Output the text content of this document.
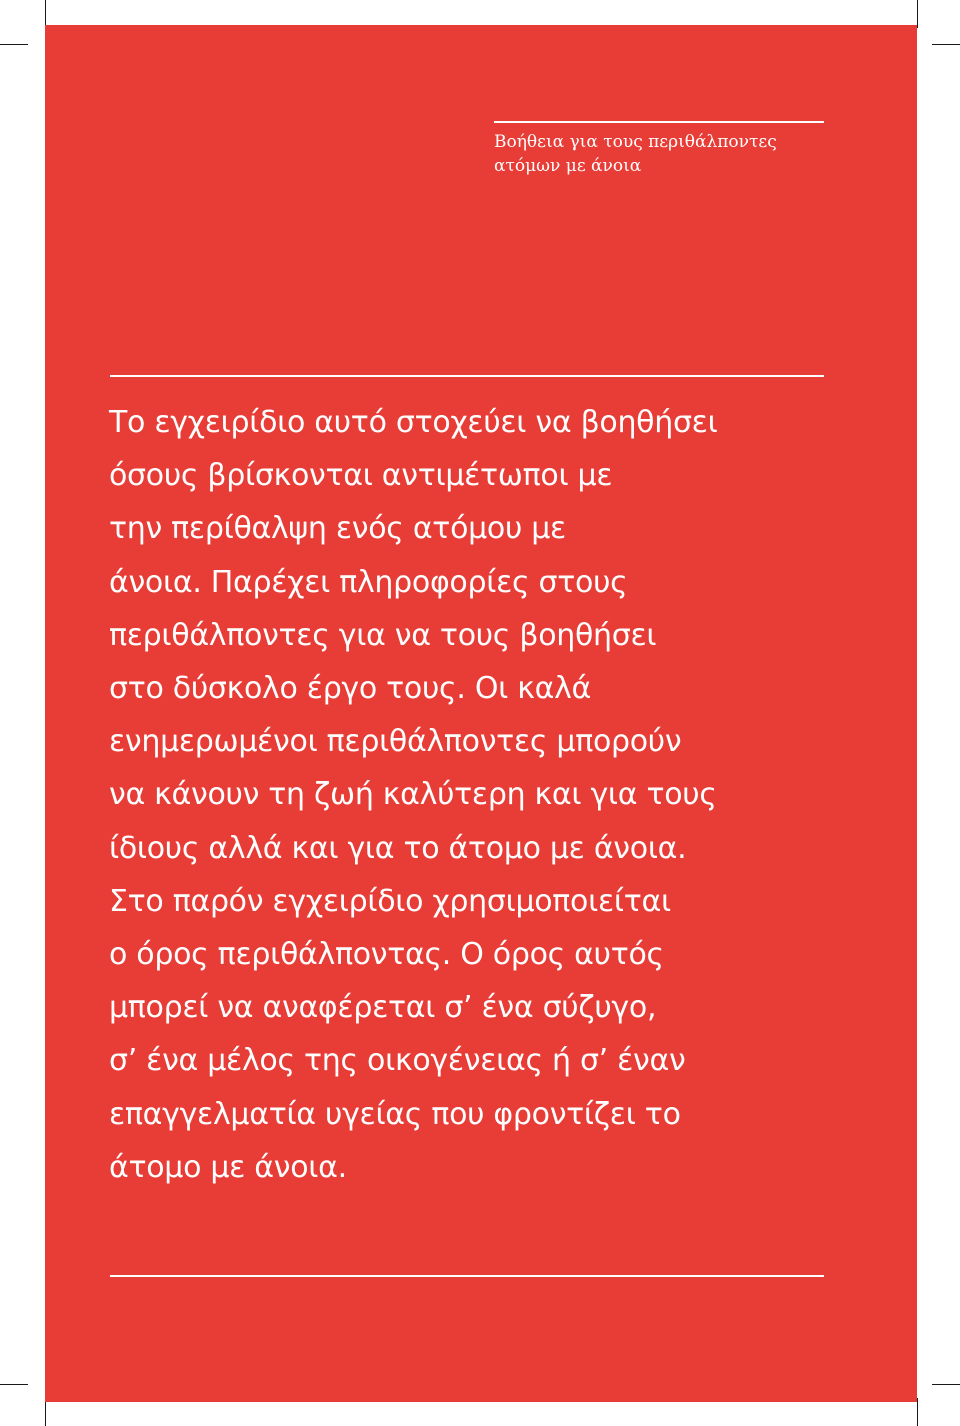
Βοήθεια για τους περιθάλποντες
ατόμων με άνοια
Το εγχειρίδιο αυτό στοχεύει να βοηθήσει
όσους βρίσκονται αντιμέτωποι με
την περίθαλψη ενός ατόμου με
άνοια. Παρέχει πληροφορίες στους
περιθάλποντες για να τους βοηθήσει
στο δύσκολο έργο τους. Οι καλά
ενημερωμένοι περιθάλποντες μπορούν
να κάνουν τη ζωή καλύτερη και για τους
ίδιους αλλά και για το άτομο με άνοια.
Στο παρόν εγχειρίδιο χρησιμοποιείται
ο όρος περιθάλποντας. Ο όρος αυτός
μπορεί να αναφέρεται σ’ ένα σύζυγο,
σ’ ένα μέλος της οικογένειας ή σ’ έναν
επαγγελματία υγείας που φροντίζει το
άτομο με άνοια.
